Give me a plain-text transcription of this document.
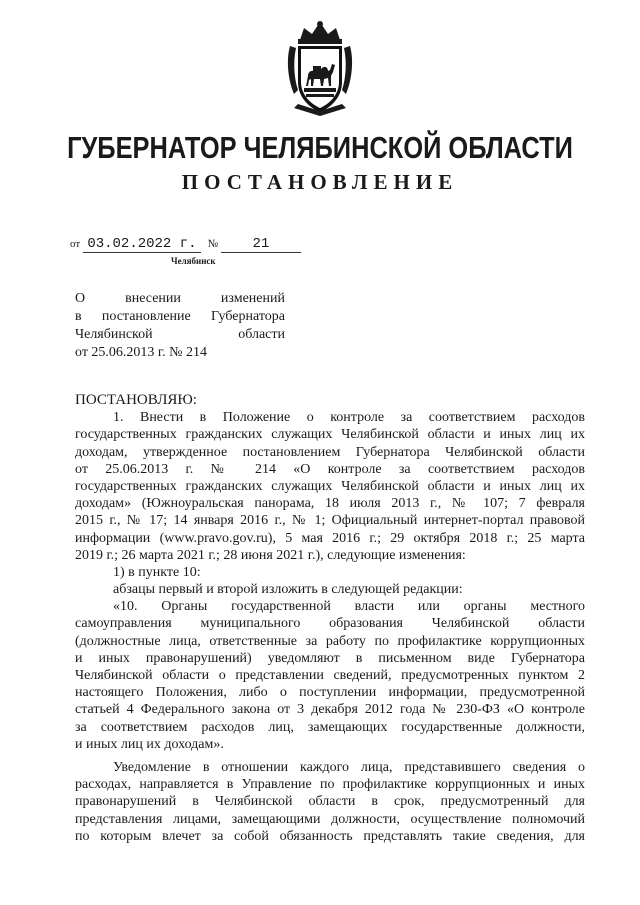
ГУБЕРНАТОР ЧЕЛЯБИНСКОЙ ОБЛАСТИ
ПОСТАНОВЛЕНИЕ
от 03.02.2022 г. № 21
Челябинск
О внесении изменений
в постановление Губернатора
Челябинской области
от 25.06.2013 г. № 214
ПОСТАНОВЛЯЮ:
1. Внести в Положение о контроле за соответствием расходов
государственных гражданских служащих Челябинской области и иных лиц их
доходам, утвержденное постановлением Губернатора Челябинской области
от 25.06.2013 г. № 214 «О контроле за соответствием расходов
государственных гражданских служащих Челябинской области и иных лиц их
доходам» (Южноуральская панорама, 18 июля 2013 г., № 107; 7 февраля
2015 г., № 17; 14 января 2016 г., № 1; Официальный интернет-портал правовой
информации (www.pravo.gov.ru), 5 мая 2016 г.; 29 октября 2018 г.; 25 марта
2019 г.; 26 марта 2021 г.; 28 июня 2021 г.), следующие изменения:
1) в пункте 10:
абзацы первый и второй изложить в следующей редакции:
«10. Органы государственной власти или органы местного
самоуправления муниципального образования Челябинской области
(должностные лица, ответственные за работу по профилактике коррупционных
и иных правонарушений) уведомляют в письменном виде Губернатора
Челябинской области о представлении сведений, предусмотренных пунктом 2
настоящего Положения, либо о поступлении информации, предусмотренной
статьей 4 Федерального закона от 3 декабря 2012 года № 230-ФЗ «О контроле
за соответствием расходов лиц, замещающих государственные должности,
и иных лиц их доходам».
Уведомление в отношении каждого лица, представившего сведения о
расходах, направляется в Управление по профилактике коррупционных и иных
правонарушений в Челябинской области в срок, предусмотренный для
представления лицами, замещающими должности, осуществление полномочий
по которым влечет за собой обязанность представлять такие сведения, для
